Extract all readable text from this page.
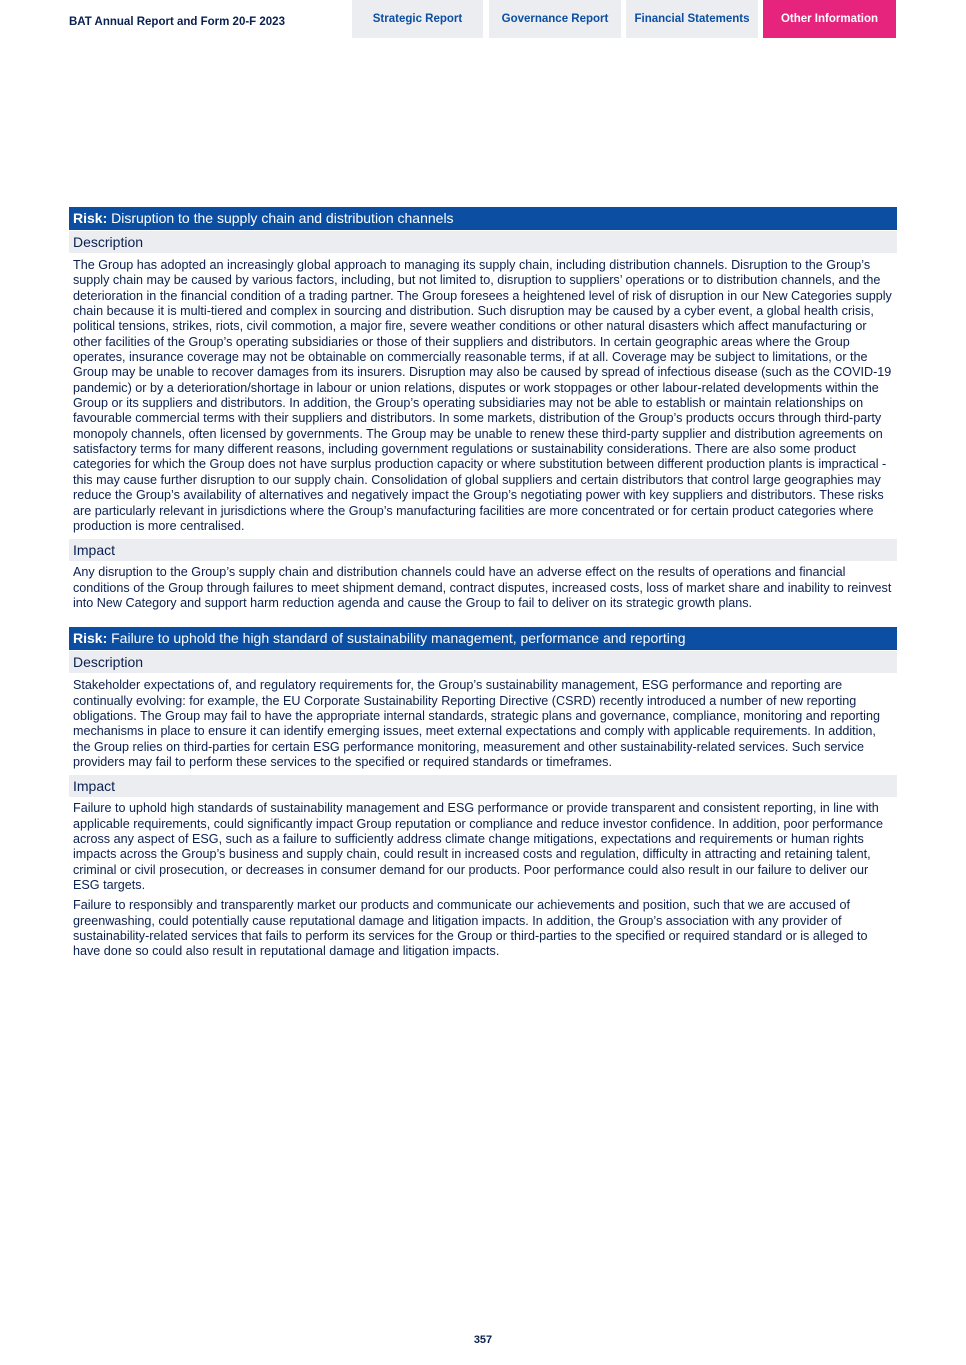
BAT Annual Report and Form 20-F 2023	Strategic Report	Governance Report	Financial Statements	Other Information
Risk: Disruption to the supply chain and distribution channels
Description
The Group has adopted an increasingly global approach to managing its supply chain, including distribution channels. Disruption to the Group’s supply chain may be caused by various factors, including, but not limited to, disruption to suppliers’ operations or to distribution channels, and the deterioration in the financial condition of a trading partner. The Group foresees a heightened level of risk of disruption in our New Categories supply chain because it is multi-tiered and complex in sourcing and distribution. Such disruption may be caused by a cyber event, a global health crisis, political tensions, strikes, riots, civil commotion, a major fire, severe weather conditions or other natural disasters which affect manufacturing or other facilities of the Group’s operating subsidiaries or those of their suppliers and distributors. In certain geographic areas where the Group operates, insurance coverage may not be obtainable on commercially reasonable terms, if at all. Coverage may be subject to limitations, or the Group may be unable to recover damages from its insurers. Disruption may also be caused by spread of infectious disease (such as the COVID-19 pandemic) or by a deterioration/shortage in labour or union relations, disputes or work stoppages or other labour-related developments within the Group or its suppliers and distributors. In addition, the Group’s operating subsidiaries may not be able to establish or maintain relationships on favourable commercial terms with their suppliers and distributors. In some markets, distribution of the Group’s products occurs through third-party monopoly channels, often licensed by governments. The Group may be unable to renew these third-party supplier and distribution agreements on satisfactory terms for many different reasons, including government regulations or sustainability considerations. There are also some product categories for which the Group does not have surplus production capacity or where substitution between different production plants is impractical - this may cause further disruption to our supply chain. Consolidation of global suppliers and certain distributors that control large geographies may reduce the Group’s availability of alternatives and negatively impact the Group’s negotiating power with key suppliers and distributors. These risks are particularly relevant in jurisdictions where the Group’s manufacturing facilities are more concentrated or for certain product categories where production is more centralised.
Impact
Any disruption to the Group’s supply chain and distribution channels could have an adverse effect on the results of operations and financial conditions of the Group through failures to meet shipment demand, contract disputes, increased costs, loss of market share and inability to reinvest into New Category and support harm reduction agenda and cause the Group to fail to deliver on its strategic growth plans.
Risk: Failure to uphold the high standard of sustainability management, performance and reporting
Description
Stakeholder expectations of, and regulatory requirements for, the Group’s sustainability management, ESG performance and reporting are continually evolving: for example, the EU Corporate Sustainability Reporting Directive (CSRD) recently introduced a number of new reporting obligations. The Group may fail to have the appropriate internal standards, strategic plans and governance, compliance, monitoring and reporting mechanisms in place to ensure it can identify emerging issues, meet external expectations and comply with applicable requirements. In addition, the Group relies on third-parties for certain ESG performance monitoring, measurement and other sustainability-related services. Such service providers may fail to perform these services to the specified or required standards or timeframes.
Impact
Failure to uphold high standards of sustainability management and ESG performance or provide transparent and consistent reporting, in line with applicable requirements, could significantly impact Group reputation or compliance and reduce investor confidence. In addition, poor performance across any aspect of ESG, such as a failure to sufficiently address climate change mitigations, expectations and requirements or human rights impacts across the Group’s business and supply chain, could result in increased costs and regulation, difficulty in attracting and retaining talent, criminal or civil prosecution, or decreases in consumer demand for our products. Poor performance could also result in our failure to deliver our ESG targets.
Failure to responsibly and transparently market our products and communicate our achievements and position, such that we are accused of greenwashing, could potentially cause reputational damage and litigation impacts. In addition, the Group’s association with any provider of sustainability-related services that fails to perform its services for the Group or third-parties to the specified or required standard or is alleged to have done so could also result in reputational damage and litigation impacts.
357
